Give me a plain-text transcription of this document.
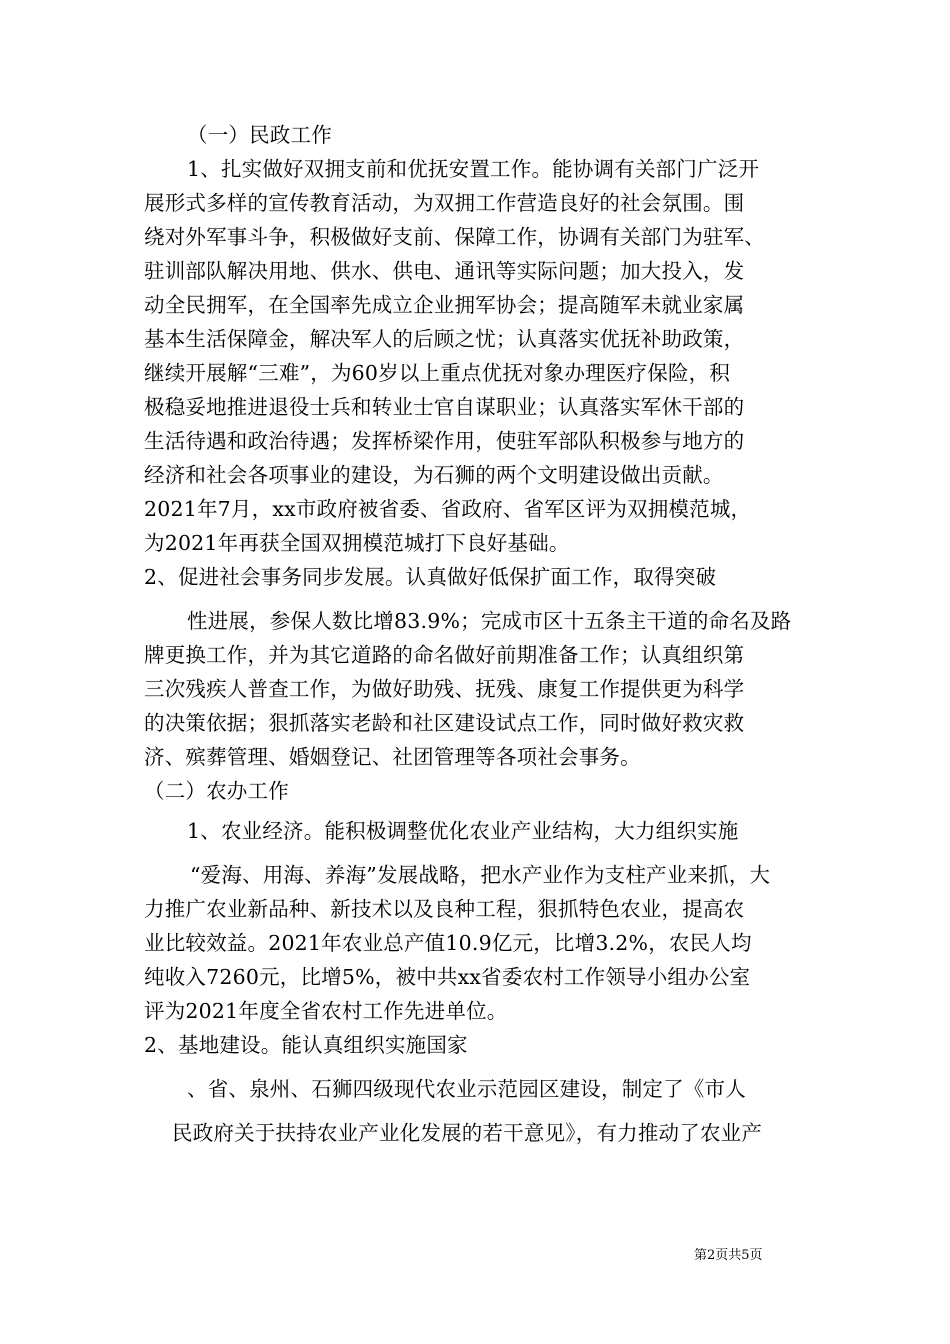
（一）民政工作
1、扎实做好双拥支前和优抚安置工作。能协调有关部门广泛开
展形式多样的宣传教育活动，为双拥工作营造良好的社会氛围。围
绕对外军事斗争，积极做好支前、保障工作，协调有关部门为驻军、
驻训部队解决用地、供水、供电、通讯等实际问题；加大投入，发
动全民拥军，在全国率先成立企业拥军协会；提高随军未就业家属
基本生活保障金，解决军人的后顾之忧；认真落实优抚补助政策，
继续开展解“三难”，为60岁以上重点优抚对象办理医疗保险，积
极稳妥地推进退役士兵和转业士官自谋职业；认真落实军休干部的
生活待遇和政治待遇；发挥桥梁作用，使驻军部队积极参与地方的
经济和社会各项事业的建设，为石狮的两个文明建设做出贡献。
2021年7月，xx市政府被省委、省政府、省军区评为双拥模范城，
为2021年再获全国双拥模范城打下良好基础。
2、促进社会事务同步发展。认真做好低保扩面工作，取得突破
性进展，参保人数比增83.9%；完成市区十五条主干道的命名及路
牌更换工作，并为其它道路的命名做好前期准备工作；认真组织第
三次残疾人普查工作，为做好助残、抚残、康复工作提供更为科学
的决策依据；狠抓落实老龄和社区建设试点工作，同时做好救灾救
济、殡葬管理、婚姻登记、社团管理等各项社会事务。
（二）农办工作
1、农业经济。能积极调整优化农业产业结构，大力组织实施
“爱海、用海、养海”发展战略，把水产业作为支柱产业来抓，大
力推广农业新品种、新技术以及良种工程，狠抓特色农业，提高农
业比较效益。2021年农业总产值10.9亿元，比增3.2%，农民人均
纯收入7260元，比增5%，被中共xx省委农村工作领导小组办公室
评为2021年度全省农村工作先进单位。
2、基地建设。能认真组织实施国家
、省、泉州、石狮四级现代农业示范园区建设，制定了《市人
民政府关于扶持农业产业化发展的若干意见》，有力推动了农业产
第2页共5页
